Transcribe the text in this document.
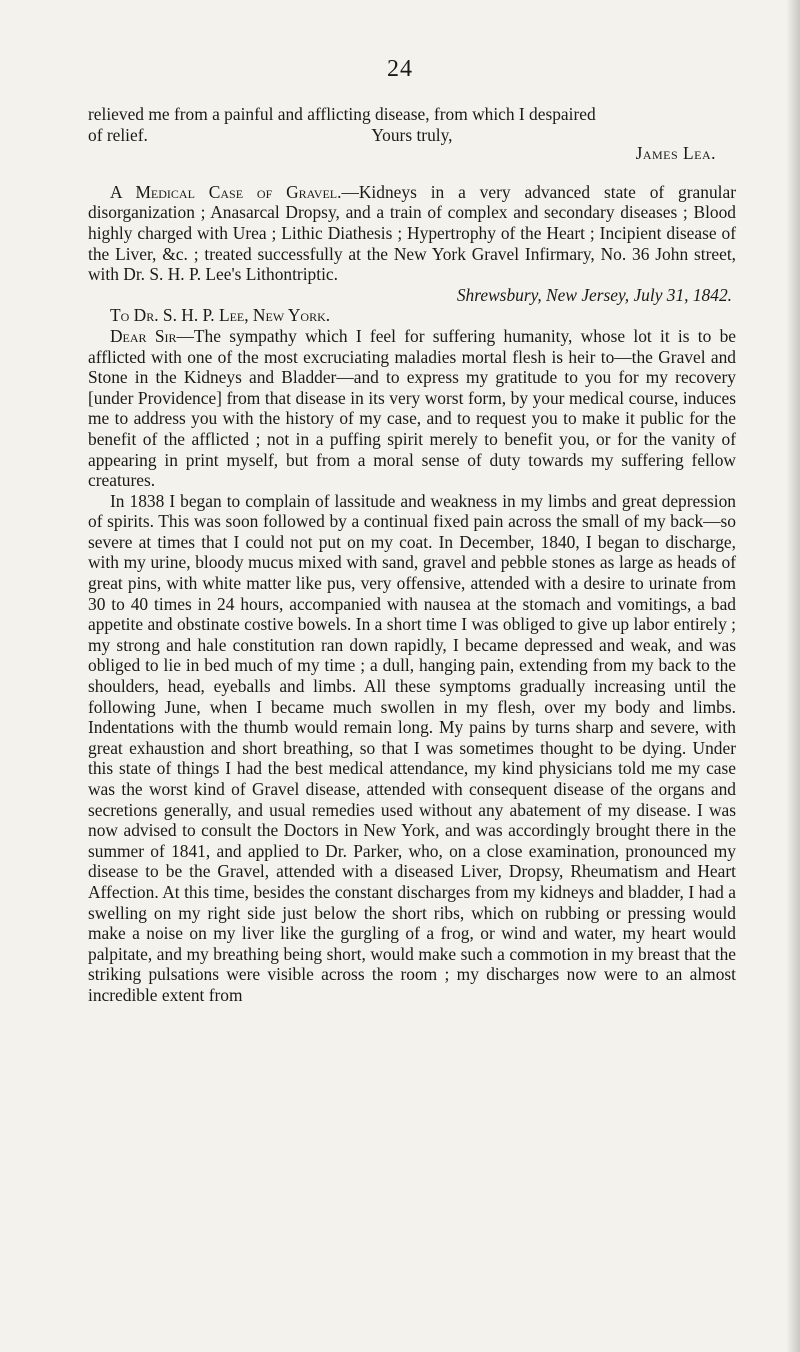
24

relieved me from a painful and afflicting disease, from which I despaired

of relief.	Yours truly,
James Lea.

A Medical Case of Gravel.—Kidneys in a very advanced state of granular disorganization ; Anasarcal Dropsy, and a train of complex and secondary diseases ; Blood highly charged with Urea ; Lithic Diathesis ; Hypertrophy of the Heart ; Incipient disease of the Liver, &c. ; treated successfully at the New York Gravel Infirmary, No. 36 John street, with Dr. S. H. P. Lee's Lithontriptic.

Shrewsbury, New Jersey, July 31, 1842.

To Dr. S. H. P. Lee, New York.

Dear Sir—The sympathy which I feel for suffering humanity, whose lot it is to be afflicted with one of the most excruciating maladies mortal flesh is heir to—the Gravel and Stone in the Kidneys and Bladder—and to express my gratitude to you for my recovery [under Providence] from that disease in its very worst form, by your medical course, induces me to address you with the history of my case, and to request you to make it public for the benefit of the afflicted ; not in a puffing spirit merely to benefit you, or for the vanity of appearing in print myself, but from a moral sense of duty towards my suffering fellow creatures.

In 1838 I began to complain of lassitude and weakness in my limbs and great depression of spirits. This was soon followed by a continual fixed pain across the small of my back—so severe at times that I could not put on my coat. In December, 1840, I began to discharge, with my urine, bloody mucus mixed with sand, gravel and pebble stones as large as heads of great pins, with white matter like pus, very offensive, attended with a desire to urinate from 30 to 40 times in 24 hours, accompanied with nausea at the stomach and vomitings, a bad appetite and obstinate costive bowels. In a short time I was obliged to give up labor entirely ; my strong and hale constitution ran down rapidly, I became depressed and weak, and was obliged to lie in bed much of my time ; a dull, hanging pain, extending from my back to the shoulders, head, eyeballs and limbs. All these symptoms gradually increasing until the following June, when I became much swollen in my flesh, over my body and limbs. Indentations with the thumb would remain long. My pains by turns sharp and severe, with great exhaustion and short breathing, so that I was sometimes thought to be dying. Under this state of things I had the best medical attendance, my kind physicians told me my case was the worst kind of Gravel disease, attended with consequent disease of the organs and secretions generally, and usual remedies used without any abatement of my disease. I was now advised to consult the Doctors in New York, and was accordingly brought there in the summer of 1841, and applied to Dr. Parker, who, on a close examination, pronounced my disease to be the Gravel, attended with a diseased Liver, Dropsy, Rheumatism and Heart Affection. At this time, besides the constant discharges from my kidneys and bladder, I had a swelling on my right side just below the short ribs, which on rubbing or pressing would make a noise on my liver like the gurgling of a frog, or wind and water, my heart would palpitate, and my breathing being short, would make such a commotion in my breast that the striking pulsations were visible across the room ; my discharges now were to an almost incredible extent from
